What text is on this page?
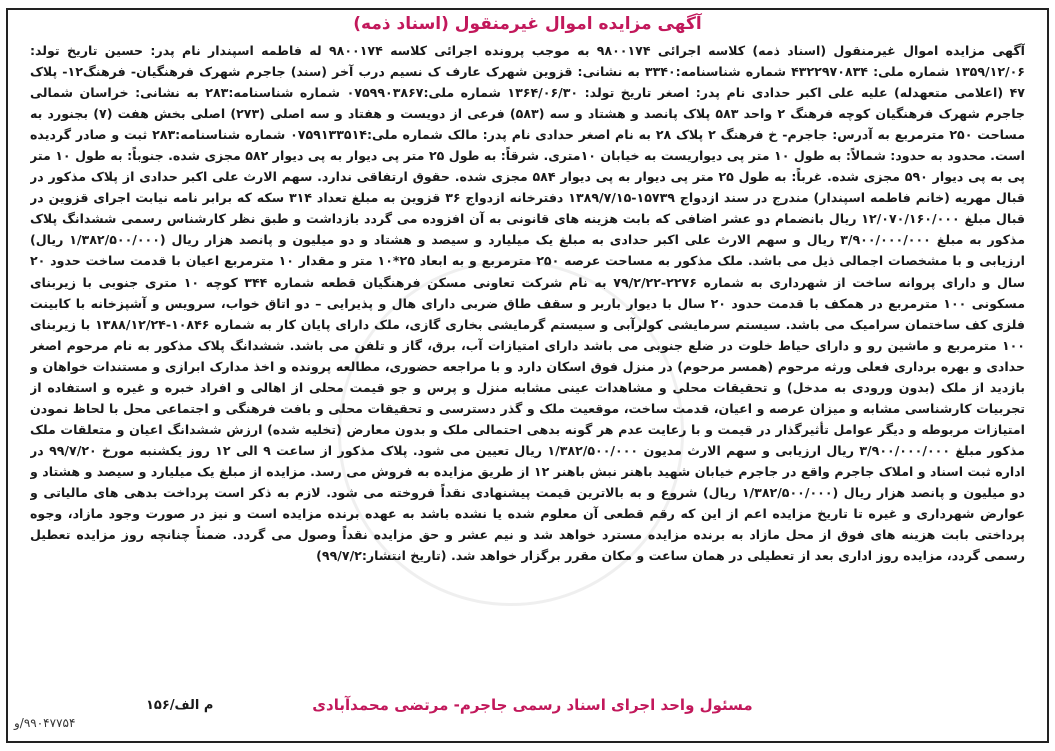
آگهی مزایده اموال غیرمنقول (اسناد ذمه)

آگهی مزایده اموال غیرمنقول (اسناد ذمه) کلاسه اجرائی ۹۸۰۰۱۷۴ به موجب پرونده اجرائی کلاسه ۹۸۰۰۱۷۴ له فاطمه اسپندار نام پدر: حسین تاریخ تولد: ۱۳۵۹/۱۲/۰۶ شماره ملی: ۴۳۲۲۹۷۰۸۳۴ شماره شناسنامه:۳۳۴۰ به نشانی: قزوین شهرک عارف ک نسیم درب آخر (سند) جاجرم شهرک فرهنگیان- فرهنگ۱۲- پلاک ۴۷ (اعلامی متعهدله) علیه علی اکبر حدادی نام پدر: اصغر تاریخ تولد: ۱۳۶۴/۰۶/۳۰ شماره ملی:۰۷۵۹۹۰۳۸۶۷ شماره شناسنامه:۲۸۳ به نشانی: خراسان شمالی جاجرم شهرک فرهنگیان کوچه فرهنگ ۲ واحد ۵۸۳ پلاک پانصد و هشتاد و سه (۵۸۳) فرعی از دویست و هفتاد و سه اصلی (۲۷۳) اصلی بخش هفت (۷) بجنورد به مساحت ۲۵۰ مترمربع به آدرس: جاجرم- خ فرهنگ ۲ پلاک ۲۸ به نام اصغر حدادی نام پدر: مالک شماره ملی:۰۷۵۹۱۳۳۵۱۴ شماره شناسنامه:۲۸۳ ثبت و صادر گردیده است. محدود به حدود: شمالاً: به طول ۱۰ متر پی دیواریست به خیابان ۱۰متری. شرقاً: به طول ۲۵ متر پی دیوار به پی دیوار ۵۸۲ مجزی شده. جنوباً: به طول ۱۰ متر پی به پی دیوار ۵۹۰ مجزی شده. غرباً: به طول ۲۵ متر پی دیوار به پی دیوار ۵۸۴ مجزی شده. حقوق ارتفاقی ندارد. سهم الارث علی اکبر حدادی از پلاک مذکور در قبال مهریه (خانم فاطمه اسپندار) مندرج در سند ازدواج ۱۵۷۳۹-۱۳۸۹/۷/۱۵ دفترخانه ازدواج ۳۶ قزوین به مبلغ تعداد ۳۱۴ سکه که برابر نامه نیابت اجرای قزوین در قبال مبلغ ۱۲/۰۷۰/۱۶۰/۰۰۰ ریال بانضمام دو عشر اضافی که بابت هزینه های قانونی به آن افزوده می گردد بازداشت و طبق نظر کارشناس رسمی ششدانگ پلاک مذکور به مبلغ ۳/۹۰۰/۰۰۰/۰۰۰ ریال و سهم الارث علی اکبر حدادی به مبلغ یک میلیارد و سیصد و هشتاد و دو میلیون و پانصد هزار ریال (۱/۳۸۲/۵۰۰/۰۰۰ ریال) ارزیابی و با مشخصات اجمالی ذیل می باشد. ملک مذکور به مساحت عرصه ۲۵۰ مترمربع و به ابعاد ۲۵*۱۰ متر و مقدار ۱۰ مترمربع اعیان با قدمت ساخت حدود ۲۰ سال و دارای پروانه ساخت از شهرداری به شماره ۲۲۷۶-۷۹/۲/۲۲ به نام شرکت تعاونی مسکن فرهنگیان قطعه شماره ۳۴۴ کوچه ۱۰ متری جنوبی با زیربنای مسکونی ۱۰۰ مترمربع در همکف با قدمت حدود ۲۰ سال با دیوار باربر و سقف طاق ضربی دارای هال و پذیرایی – دو اتاق خواب، سرویس و آشپزخانه با کابینت فلزی کف ساختمان سرامیک می باشد. سیستم سرمایشی کولرآبی و سیستم گرمایشی بخاری گازی، ملک دارای پایان کار به شماره ۱۰۸۴۶-۱۳۸۸/۱۲/۲۴ با زیربنای ۱۰۰ مترمربع و ماشین رو و دارای حیاط خلوت در ضلع جنوبی می باشد دارای امتیازات آب، برق، گاز و تلفن می باشد. ششدانگ پلاک مذکور به نام مرحوم اصغر حدادی و بهره برداری فعلی ورثه مرحوم (همسر مرحوم) در منزل فوق اسکان دارد و با مراجعه حضوری، مطالعه پرونده و اخذ مدارک ابرازی و مستندات خواهان و بازدید از ملک (بدون ورودی به مدخل) و تحقیقات محلی و مشاهدات عینی مشابه منزل و پرس و جو قیمت محلی از اهالی و افراد خبره و غیره و استفاده از تجربیات کارشناسی مشابه و میزان عرصه و اعیان، قدمت ساخت، موقعیت ملک و گذر دسترسی و تحقیقات محلی و بافت فرهنگی و اجتماعی محل با لحاظ نمودن امتیازات مربوطه و دیگر عوامل تأثیرگذار در قیمت و با رعایت عدم هر گونه بدهی احتمالی ملک و بدون معارض (تخلیه شده) ارزش ششدانگ اعیان و متعلقات ملک مذکور مبلغ ۳/۹۰۰/۰۰۰/۰۰۰ ریال ارزیابی و سهم الارث مدیون ۱/۳۸۲/۵۰۰/۰۰۰ ریال تعیین می شود. پلاک مذکور از ساعت ۹ الی ۱۲ روز یکشنبه مورخ ۹۹/۷/۲۰ در اداره ثبت اسناد و املاک جاجرم واقع در جاجرم خیابان شهید باهنر نبش باهنر ۱۲ از طریق مزایده به فروش می رسد. مزایده از مبلغ یک میلیارد و سیصد و هشتاد و دو میلیون و پانصد هزار ریال (۱/۳۸۲/۵۰۰/۰۰۰ ریال) شروع و به بالاترین قیمت پیشنهادی نقداً فروخته می شود. لازم به ذکر است پرداخت بدهی های مالیاتی و عوارض شهرداری و غیره تا تاریخ مزایده اعم از این که رقم قطعی آن معلوم شده یا نشده باشد به عهده برنده مزایده است و نیز در صورت وجود مازاد، وجوه پرداختی بابت هزینه های فوق از محل مازاد به برنده مزایده مسترد خواهد شد و نیم عشر و حق مزایده نقداً وصول می گردد. ضمناً چنانچه روز مزایده تعطیل رسمی گردد، مزایده روز اداری بعد از تعطیلی در همان ساعت و مکان مقرر برگزار خواهد شد. (تاریخ انتشار:۹۹/۷/۲)

مسئول واحد اجرای اسناد رسمی جاجرم- مرتضی محمدآبادی
م الف/۱۵۶
۹۹۰۴۷۷۵۴/و
